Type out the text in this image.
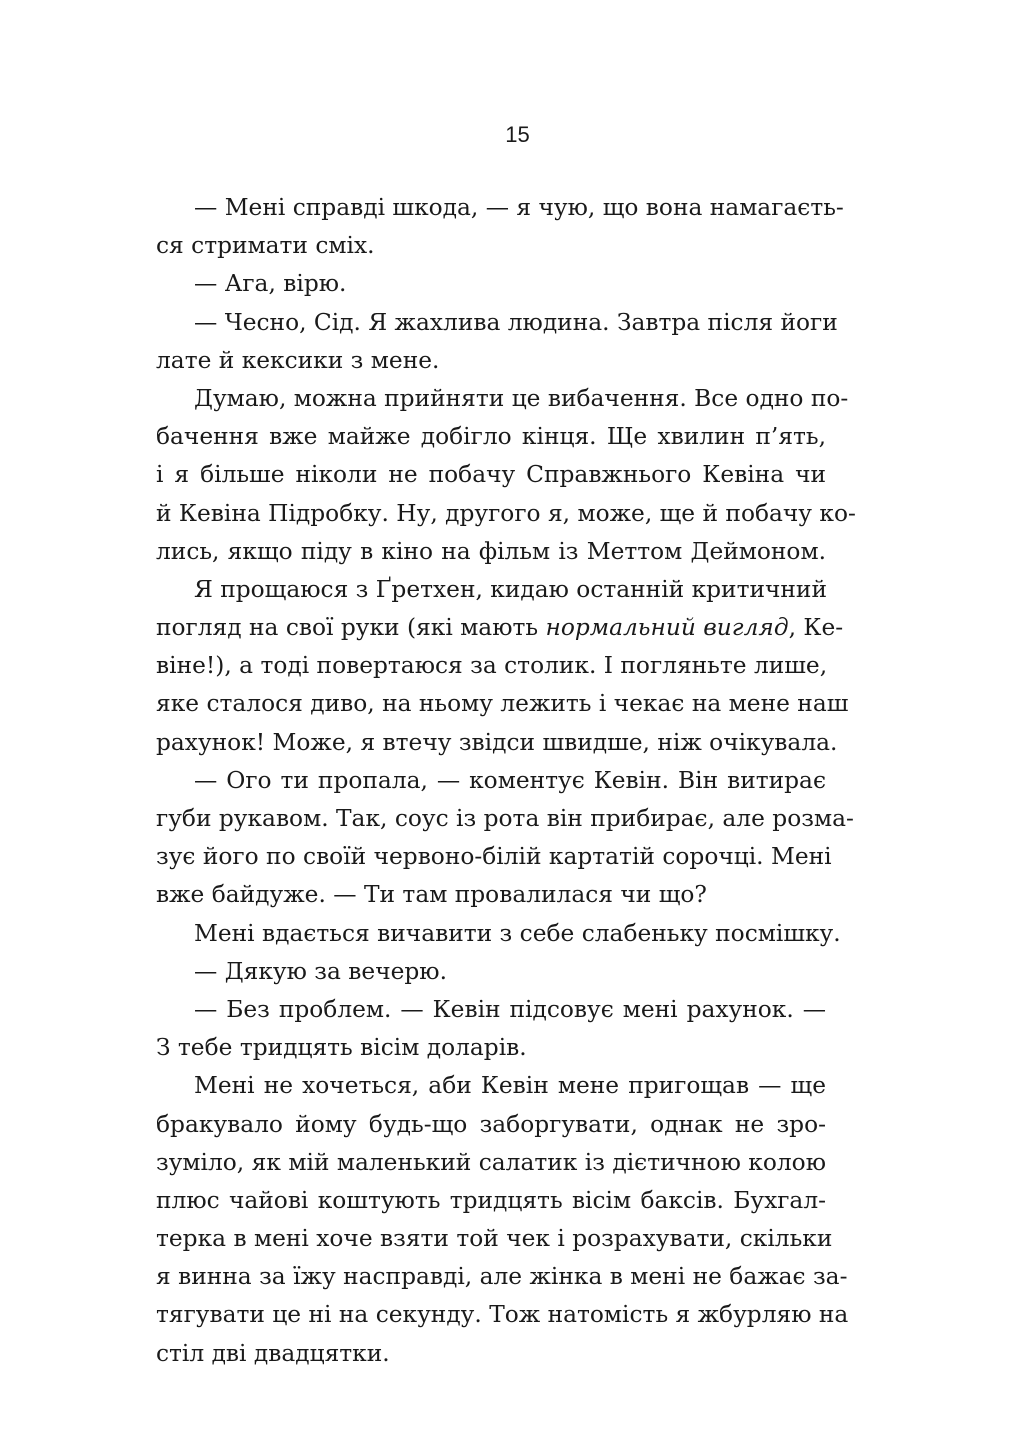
15
— Мені справді шкода, — я чую, що вона намагаєть-
ся стримати сміх.
— Ага, вірю.
— Чесно, Сід. Я жахлива людина. Завтра після йоги
лате й кексики з мене.
Думаю, можна прийняти це вибачення. Все одно по-
бачення вже майже добігло кінця. Ще хвилин п’ять,
і я більше ніколи не побачу Справжнього Кевіна чи
й Кевіна Підробку. Ну, другого я, може, ще й побачу ко-
лись, якщо піду в кіно на фільм із Меттом Деймоном.
Я прощаюся з Ґретхен, кидаю останній критичний
погляд на свої руки (які мають нормальний вигляд, Ке-
віне!), а тоді повертаюся за столик. І погляньте лише,
яке сталося диво, на ньому лежить і чекає на мене наш
рахунок! Може, я втечу звідси швидше, ніж очікувала.
— Ого ти пропала, — коментує Кевін. Він витирає
губи рукавом. Так, соус із рота він прибирає, але розма-
зує його по своїй червоно-білій картатій сорочці. Мені
вже байдуже. — Ти там провалилася чи що?
Мені вдається вичавити з себе слабеньку посмішку.
— Дякую за вечерю.
— Без проблем. — Кевін підсовує мені рахунок. —
З тебе тридцять вісім доларів.
Мені не хочеться, аби Кевін мене пригощав — ще
бракувало йому будь-що заборгувати, однак не зро-
зуміло, як мій маленький салатик із дієтичною колою
плюс чайові коштують тридцять вісім баксів. Бухгал-
терка в мені хоче взяти той чек і розрахувати, скільки
я винна за їжу насправді, але жінка в мені не бажає за-
тягувати це ні на секунду. Тож натомість я жбурляю на
стіл дві двадцятки.
